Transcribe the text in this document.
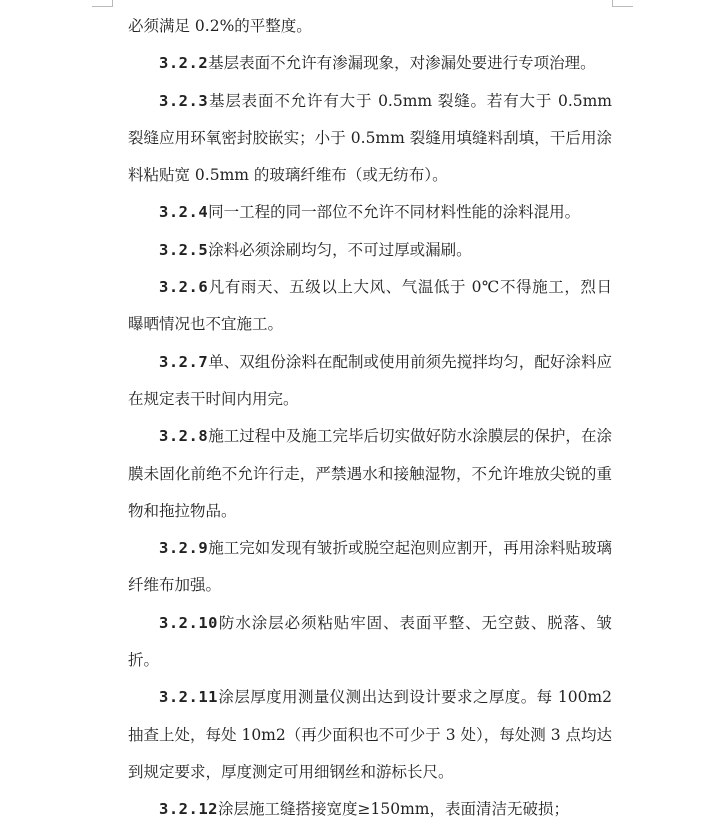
必须满足 0.2%的平整度。

3.2.2基层表面不允许有渗漏现象，对渗漏处要进行专项治理。

3.2.3基层表面不允许有大于 0.5mm 裂缝。若有大于 0.5mm 裂缝应用环氧密封胶嵌实；小于 0.5mm 裂缝用填缝料刮填，干后用涂料粘贴宽 0.5mm 的玻璃纤维布（或无纺布）。

3.2.4同一工程的同一部位不允许不同材料性能的涂料混用。

3.2.5涂料必须涂刷均匀，不可过厚或漏刷。

3.2.6凡有雨天、五级以上大风、气温低于 0℃不得施工，烈日曝晒情况也不宜施工。

3.2.7单、双组份涂料在配制或使用前须先搅拌均匀，配好涂料应在规定表干时间内用完。

3.2.8施工过程中及施工完毕后切实做好防水涂膜层的保护，在涂膜未固化前绝不允许行走，严禁遇水和接触湿物，不允许堆放尖锐的重物和拖拉物品。

3.2.9施工完如发现有皱折或脱空起泡则应割开，再用涂料贴玻璃纤维布加强。

3.2.10防水涂层必须粘贴牢固、表面平整、无空鼓、脱落、皱折。

3.2.11涂层厚度用测量仪测出达到设计要求之厚度。每 100m2 抽查上处，每处 10m2（再少面积也不可少于 3 处），每处测 3 点均达到规定要求，厚度测定可用细钢丝和游标长尺。

3.2.12涂层施工缝搭接宽度≥150mm，表面清洁无破损；
